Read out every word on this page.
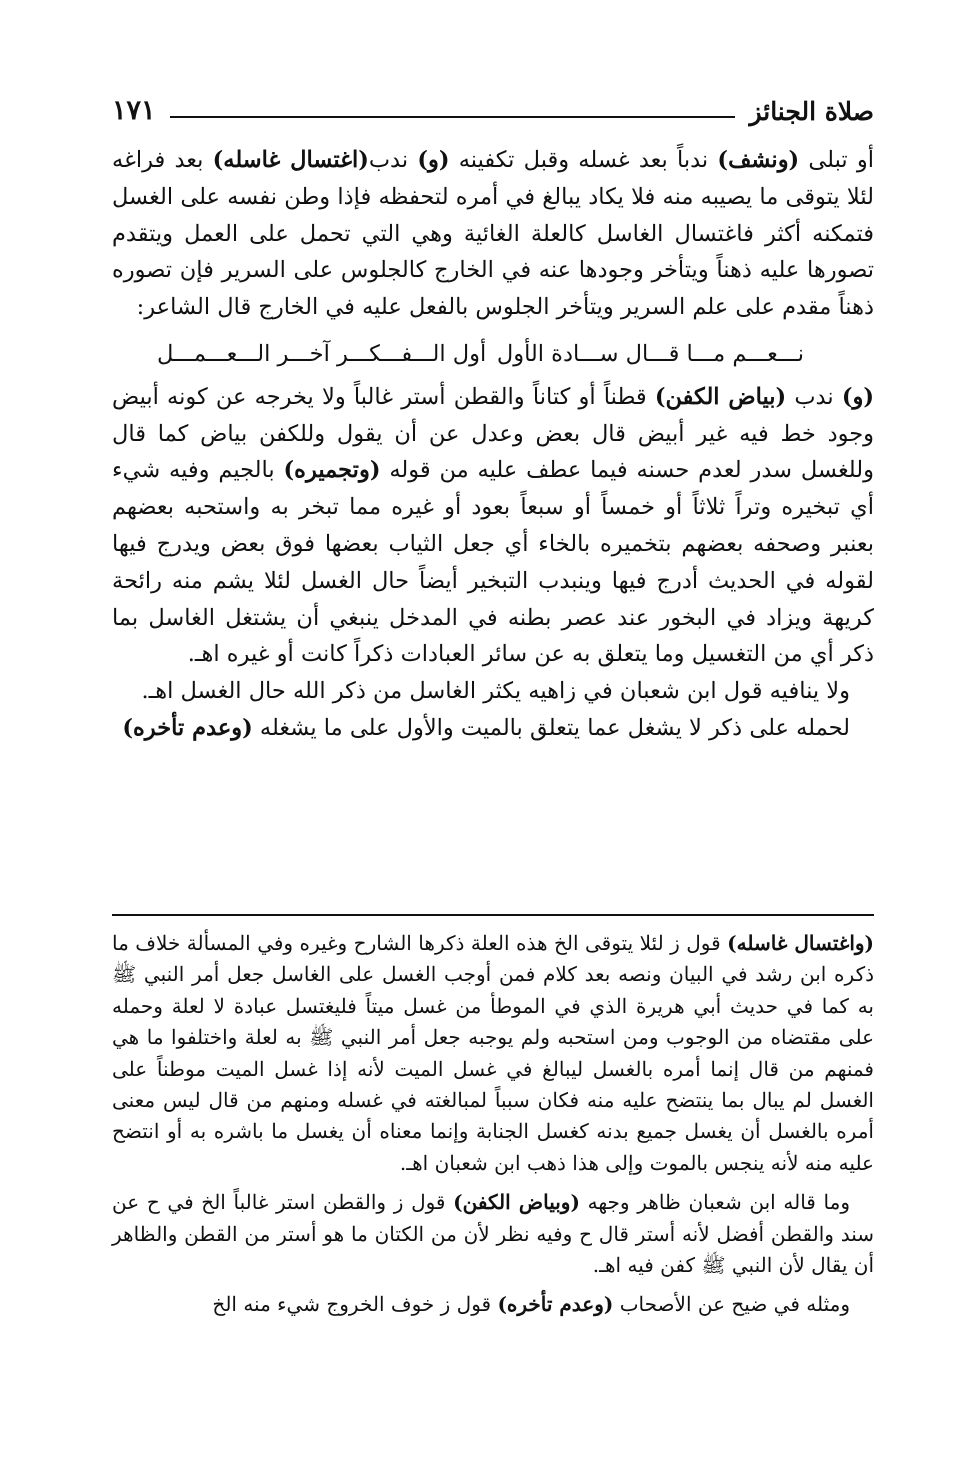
صلاة الجنائز
١٧١

أو تبلى (ونشف) ندباً بعد غسله وقبل تكفينه (و) ندب(اغتسال غاسله) بعد فراغه لئلا يتوقى ما يصيبه منه فلا يكاد يبالغ في أمره لتحفظه فإذا وطن نفسه على الغسل فتمكنه أكثر فاغتسال الغاسل كالعلة الغائية وهي التي تحمل على العمل ويتقدم تصورها عليه ذهناً ويتأخر وجودها عنه في الخارج كالجلوس على السرير فإن تصوره ذهناً مقدم على علم السرير ويتأخر الجلوس بالفعل عليه في الخارج قال الشاعر:

نـــعـــم مـــا قـــال ســـادة الأول
أول الـــفـــكـــر آخـــر الـــعـــمـــل

(و) ندب (بياض الكفن) قطناً أو كتاناً والقطن أستر غالباً ولا يخرجه عن كونه أبيض وجود خط فيه غير أبيض قال بعض وعدل عن أن يقول وللكفن بياض كما قال وللغسل سدر لعدم حسنه فيما عطف عليه من قوله (وتجميره) بالجيم وفيه شيء أي تبخيره وتراً ثلاثاً أو خمساً أو سبعاً بعود أو غيره مما تبخر به واستحبه بعضهم بعنبر وصحفه بعضهم بتخميره بالخاء أي جعل الثياب بعضها فوق بعض ويدرج فيها لقوله في الحديث أدرج فيها وينبدب التبخير أيضاً حال الغسل لئلا يشم منه رائحة كريهة ويزاد في البخور عند عصر بطنه في المدخل ينبغي أن يشتغل الغاسل بما ذكر أي من التغسيل وما يتعلق به عن سائر العبادات ذكراً كانت أو غيره اهـ.

ولا ينافيه قول ابن شعبان في زاهيه يكثر الغاسل من ذكر الله حال الغسل اهـ.

لحمله على ذكر لا يشغل عما يتعلق بالميت والأول على ما يشغله (وعدم تأخره)

(واغتسال غاسله) قول ز لئلا يتوقى الخ هذه العلة ذكرها الشارح وغيره وفي المسألة خلاف ما ذكره ابن رشد في البيان ونصه بعد كلام فمن أوجب الغسل على الغاسل جعل أمر النبي ﷺ به كما في حديث أبي هريرة الذي في الموطأ من غسل ميتاً فليغتسل عبادة لا لعلة وحمله على مقتضاه من الوجوب ومن استحبه ولم يوجبه جعل أمر النبي ﷺ به لعلة واختلفوا ما هي فمنهم من قال إنما أمره بالغسل ليبالغ في غسل الميت لأنه إذا غسل الميت موطناً على الغسل لم يبال بما ينتضح عليه منه فكان سبباً لمبالغته في غسله ومنهم من قال ليس معنى أمره بالغسل أن يغسل جميع بدنه كغسل الجنابة وإنما معناه أن يغسل ما باشره به أو انتضح عليه منه لأنه ينجس بالموت وإلى هذا ذهب ابن شعبان اهـ.

وما قاله ابن شعبان ظاهر وجهه (وبياض الكفن) قول ز والقطن استر غالباً الخ في ح عن سند والقطن أفضل لأنه أستر قال ح وفيه نظر لأن من الكتان ما هو أستر من القطن والظاهر أن يقال لأن النبي ﷺ كفن فيه اهـ.

ومثله في ضيح عن الأصحاب (وعدم تأخره) قول ز خوف الخروج شيء منه الخ
